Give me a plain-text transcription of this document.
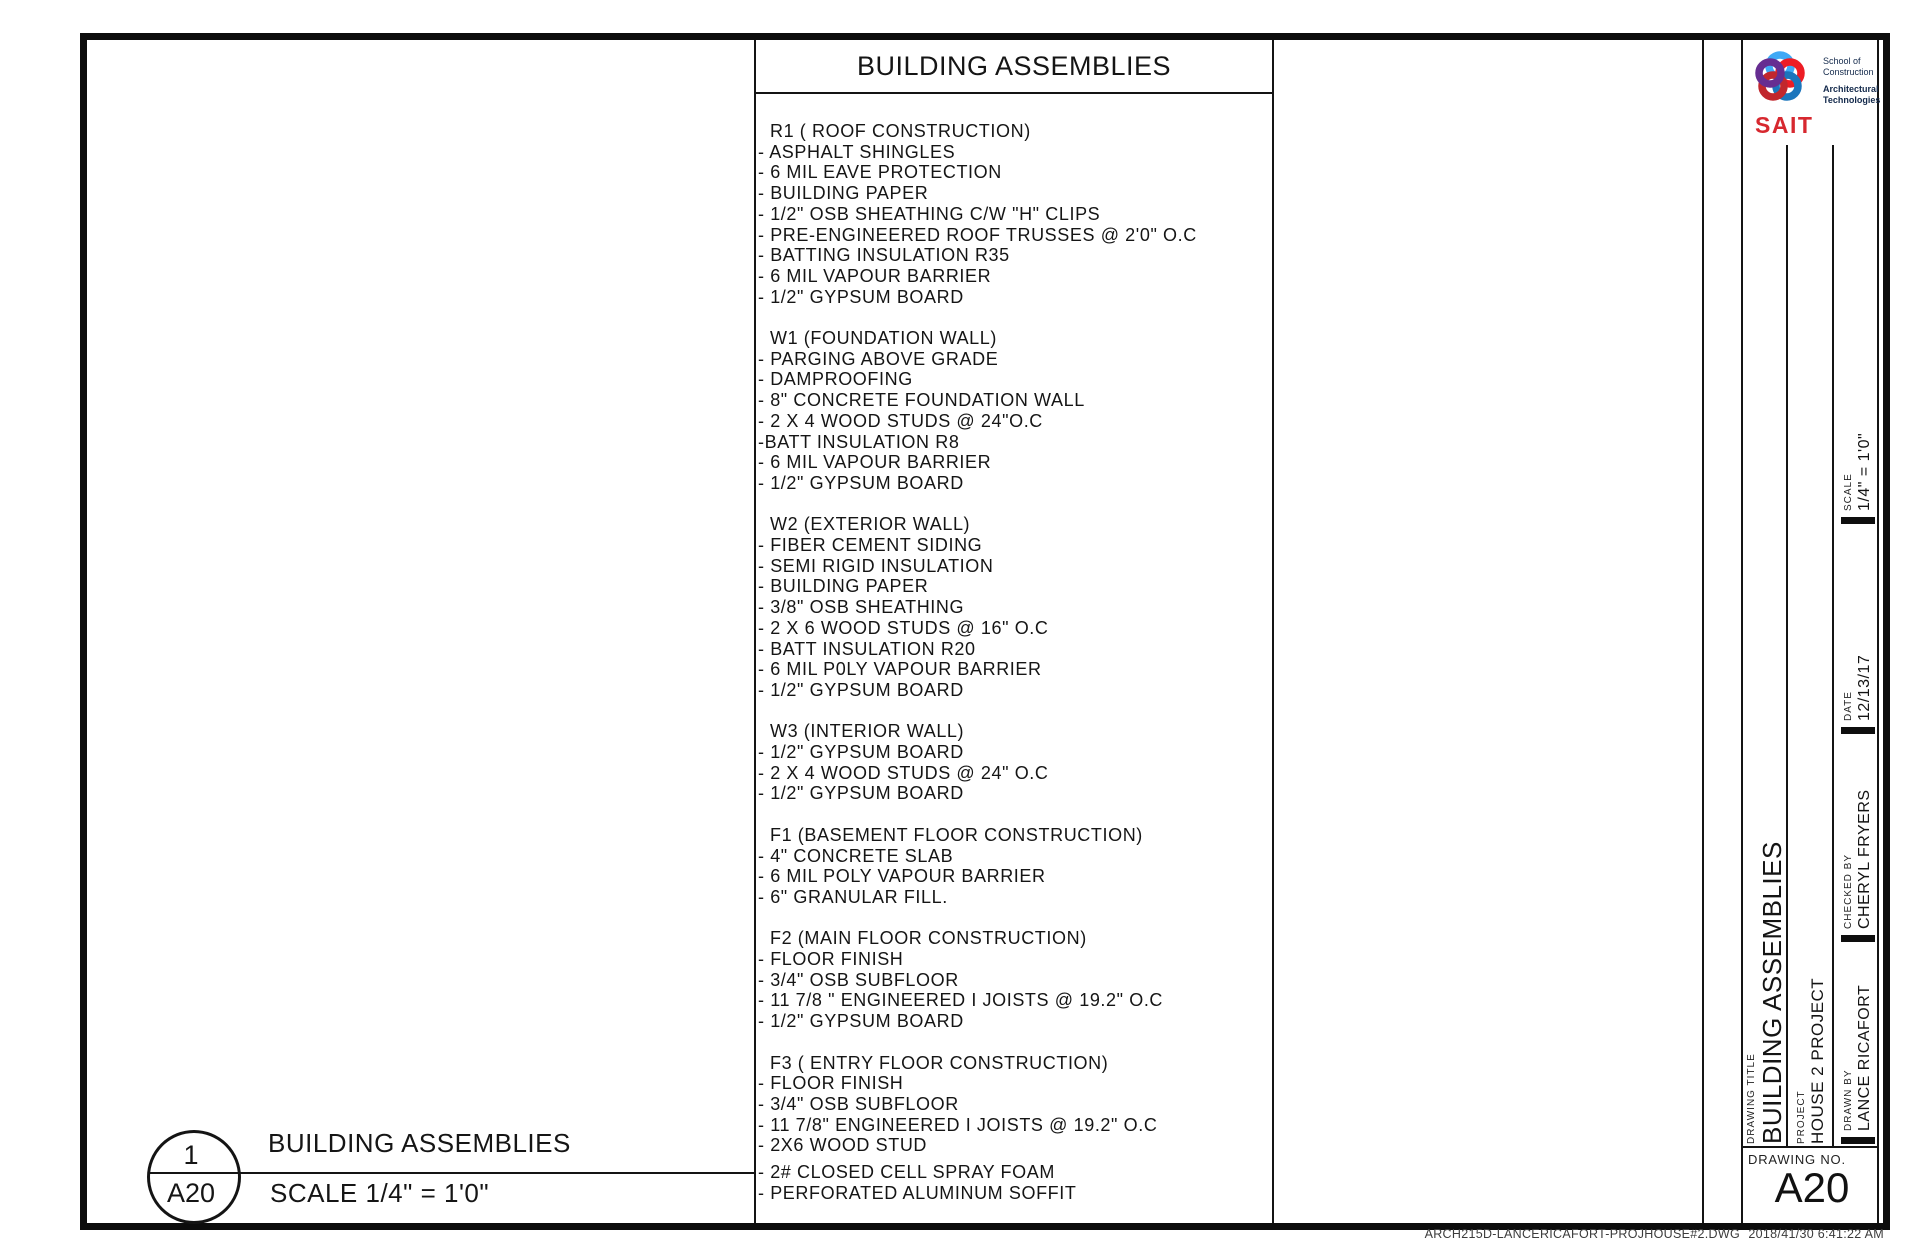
BUILDING ASSEMBLIES
R1 ( ROOF CONSTRUCTION)
- ASPHALT SHINGLES
- 6 MIL EAVE PROTECTION
- BUILDING PAPER
- 1/2" OSB SHEATHING C/W "H" CLIPS
- PRE-ENGINEERED ROOF TRUSSES @ 2'0" O.C
- BATTING INSULATION R35
- 6 MIL VAPOUR BARRIER
- 1/2" GYPSUM BOARD
W1 (FOUNDATION WALL)
- PARGING ABOVE GRADE
- DAMPROOFING
- 8" CONCRETE FOUNDATION WALL
- 2 X 4 WOOD STUDS @ 24"O.C
-BATT INSULATION R8
- 6 MIL VAPOUR BARRIER
- 1/2" GYPSUM BOARD
W2 (EXTERIOR WALL)
- FIBER CEMENT SIDING
- SEMI RIGID INSULATION
- BUILDING PAPER
- 3/8" OSB SHEATHING
- 2 X 6 WOOD STUDS @ 16" O.C
- BATT INSULATION R20
- 6 MIL P0LY VAPOUR BARRIER
- 1/2" GYPSUM BOARD
W3 (INTERIOR WALL)
- 1/2" GYPSUM BOARD
- 2 X 4 WOOD STUDS @ 24" O.C
- 1/2" GYPSUM BOARD
F1 (BASEMENT FLOOR CONSTRUCTION)
- 4" CONCRETE SLAB
- 6 MIL POLY VAPOUR BARRIER
- 6" GRANULAR FILL.
F2 (MAIN FLOOR CONSTRUCTION)
- FLOOR FINISH
- 3/4" OSB SUBFLOOR
- 11 7/8 " ENGINEERED I JOISTS @ 19.2" O.C
- 1/2" GYPSUM BOARD
F3 ( ENTRY FLOOR CONSTRUCTION)
- FLOOR FINISH
- 3/4" OSB SUBFLOOR
- 11 7/8" ENGINEERED I JOISTS @ 19.2" O.C
- 2X6 WOOD STUD
- 2# CLOSED CELL SPRAY FOAM
- PERFORATED ALUMINUM SOFFIT
1
A20
BUILDING ASSEMBLIES
SCALE 1/4" = 1'0"
SAIT
School of
Construction
Architectural
Technologies
SCALE 1/4" = 1'0"
DATE 12/13/17
CHECKED BY CHERYL FRYERS
DRAWN BY LANCE RICAFORT
PROJECT HOUSE 2 PROJECT
DRAWING TITLE BUILDING ASSEMBLIES
DRAWING NO.
A20
ARCH215D-LANCERICAFORT-PROJHOUSE#2.DWG 2018/41/30 6:41:22 AM
